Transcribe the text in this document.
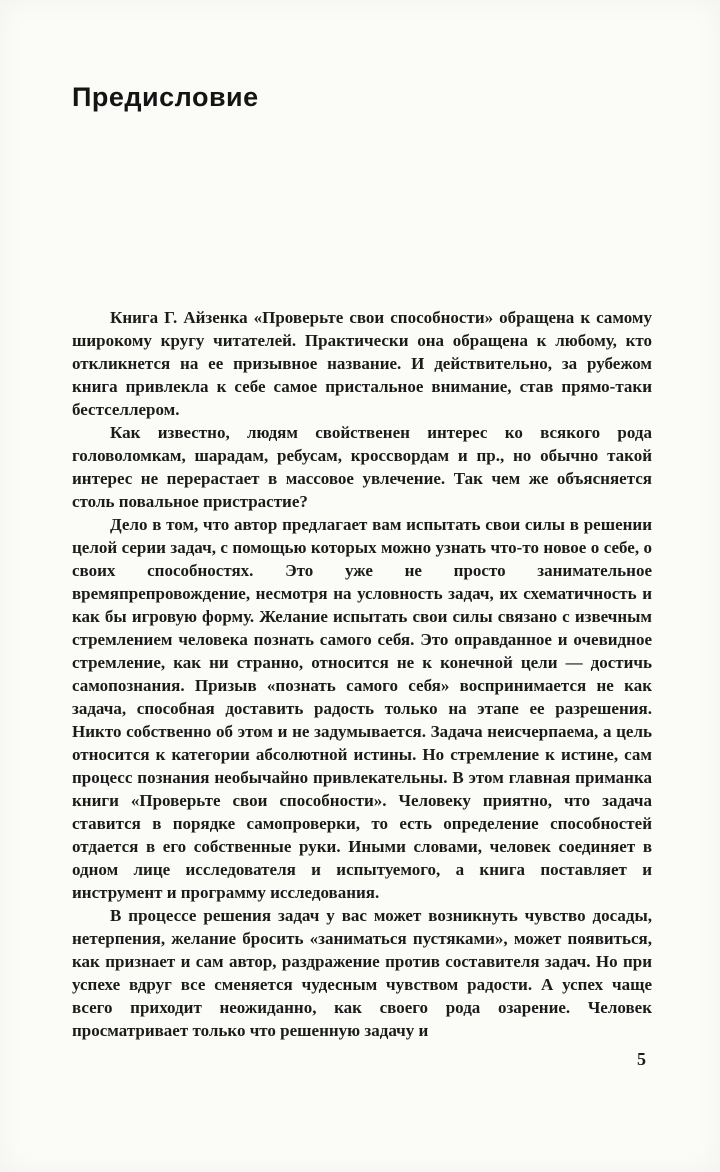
Предисловие

Книга Г. Айзенка «Проверьте свои способности» обращена к самому широкому кругу читателей. Практически она обращена к любому, кто откликнется на ее призывное название. И действительно, за рубежом книга привлекла к себе самое пристальное внимание, став прямо-таки бестселлером.

Как известно, людям свойственен интерес ко всякого рода головоломкам, шарадам, ребусам, кроссвордам и пр., но обычно такой интерес не перерастает в массовое увлечение. Так чем же объясняется столь повальное пристрастие?

Дело в том, что автор предлагает вам испытать свои силы в решении целой серии задач, с помощью которых можно узнать что-то новое о себе, о своих способностях. Это уже не просто занимательное времяпрепровождение, несмотря на условность задач, их схематичность и как бы игровую форму. Желание испытать свои силы связано с извечным стремлением человека познать самого себя. Это оправданное и очевидное стремление, как ни странно, относится не к конечной цели — достичь самопознания. Призыв «познать самого себя» воспринимается не как задача, способная доставить радость только на этапе ее разрешения. Никто собственно об этом и не задумывается. Задача неисчерпаема, а цель относится к категории абсолютной истины. Но стремление к истине, сам процесс познания необычайно привлекательны. В этом главная приманка книги «Проверьте свои способности». Человеку приятно, что задача ставится в порядке самопроверки, то есть определение способностей отдается в его собственные руки. Иными словами, человек соединяет в одном лице исследователя и испытуемого, а книга поставляет и инструмент и программу исследования.

В процессе решения задач у вас может возникнуть чувство досады, нетерпения, желание бросить «заниматься пустяками», может появиться, как признает и сам автор, раздражение против составителя задач. Но при успехе вдруг все сменяется чудесным чувством радости. А успех чаще всего приходит неожиданно, как своего рода озарение. Человек просматривает только что решенную задачу и

5
